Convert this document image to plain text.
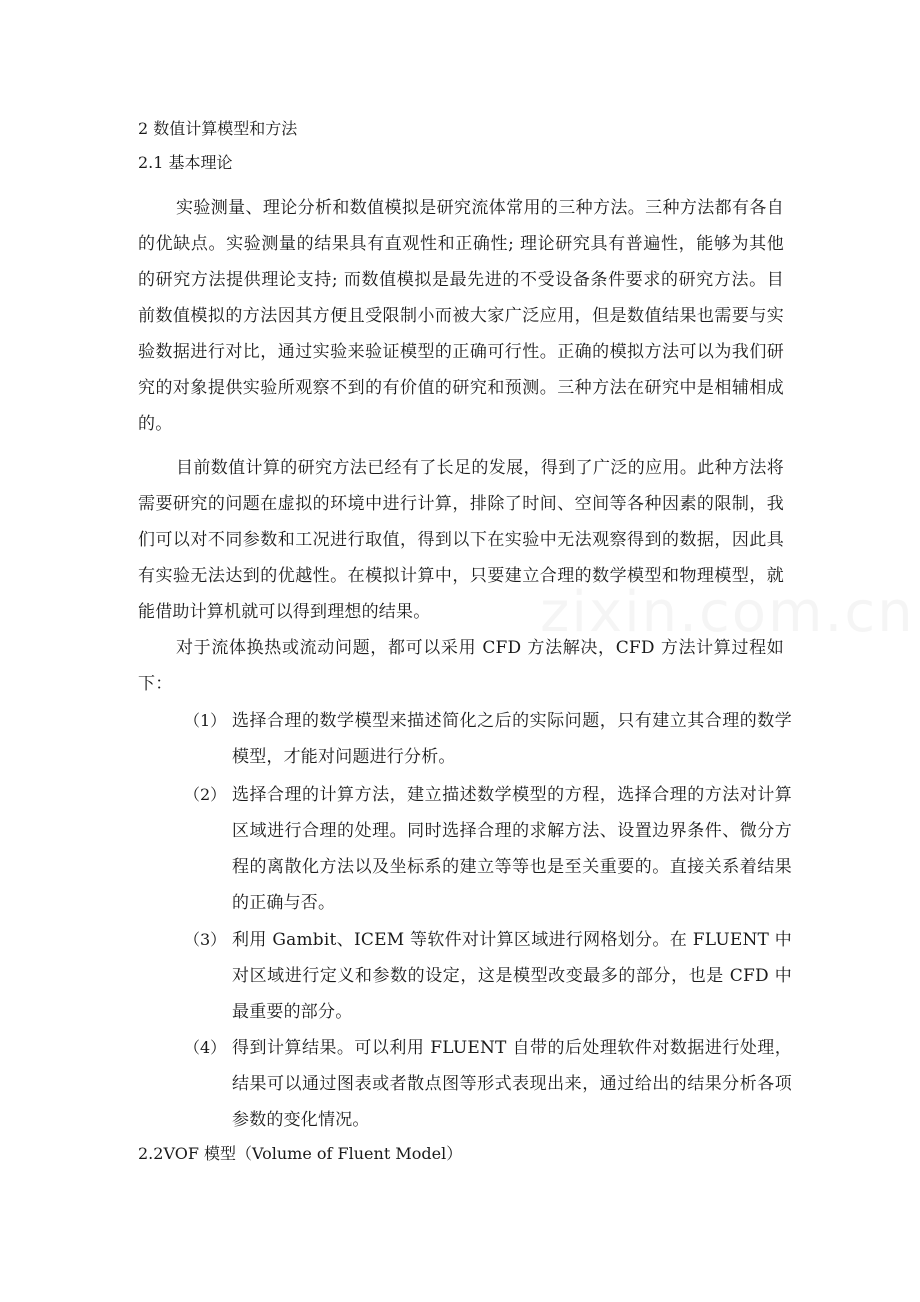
2 数值计算模型和方法
2.1 基本理论
实验测量、理论分析和数值模拟是研究流体常用的三种方法。三种方法都有各自的优缺点。实验测量的结果具有直观性和正确性; 理论研究具有普遍性，能够为其他的研究方法提供理论支持; 而数值模拟是最先进的不受设备条件要求的研究方法。目前数值模拟的方法因其方便且受限制小而被大家广泛应用，但是数值结果也需要与实验数据进行对比，通过实验来验证模型的正确可行性。正确的模拟方法可以为我们研究的对象提供实验所观察不到的有价值的研究和预测。三种方法在研究中是相辅相成的。
目前数值计算的研究方法已经有了长足的发展，得到了广泛的应用。此种方法将需要研究的问题在虚拟的环境中进行计算，排除了时间、空间等各种因素的限制，我们可以对不同参数和工况进行取值，得到以下在实验中无法观察得到的数据，因此具有实验无法达到的优越性。在模拟计算中，只要建立合理的数学模型和物理模型，就能借助计算机就可以得到理想的结果。
对于流体换热或流动问题，都可以采用 CFD 方法解决，CFD 方法计算过程如下：
（1） 选择合理的数学模型来描述简化之后的实际问题，只有建立其合理的数学模型，才能对问题进行分析。
（2） 选择合理的计算方法，建立描述数学模型的方程，选择合理的方法对计算区域进行合理的处理。同时选择合理的求解方法、设置边界条件、微分方程的离散化方法以及坐标系的建立等等也是至关重要的。直接关系着结果的正确与否。
（3） 利用 Gambit、ICEM 等软件对计算区域进行网格划分。在 FLUENT 中对区域进行定义和参数的设定，这是模型改变最多的部分，也是 CFD 中最重要的部分。
（4） 得到计算结果。可以利用 FLUENT 自带的后处理软件对数据进行处理，结果可以通过图表或者散点图等形式表现出来，通过给出的结果分析各项参数的变化情况。
2.2VOF 模型（Volume of Fluent Model）
